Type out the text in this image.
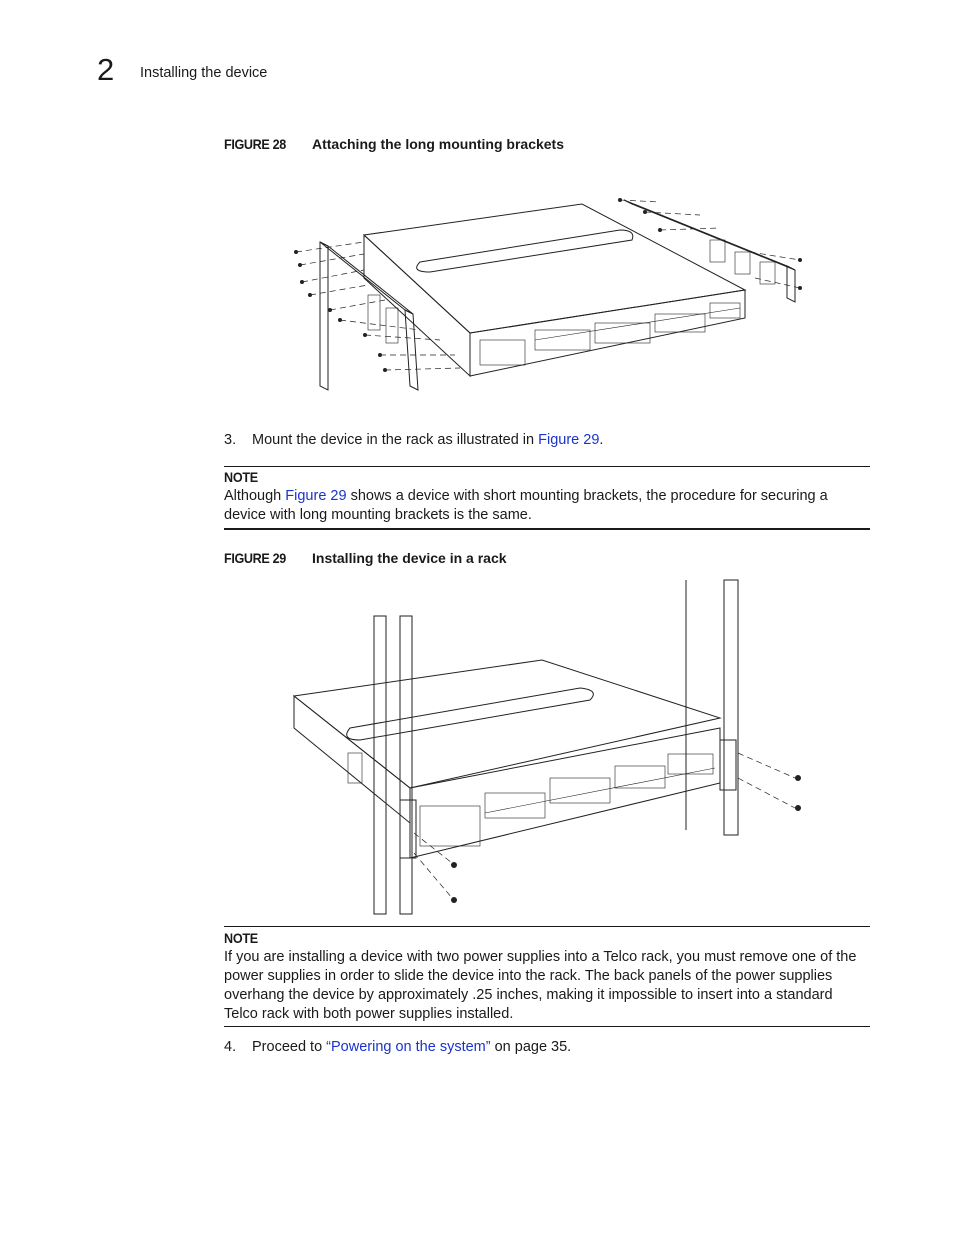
2 Installing the device
FIGURE 28 Attaching the long mounting brackets
3. Mount the device in the rack as illustrated in Figure 29.
NOTE
Although Figure 29 shows a device with short mounting brackets, the procedure for securing a device with long mounting brackets is the same.
FIGURE 29 Installing the device in a rack
NOTE
If you are installing a device with two power supplies into a Telco rack, you must remove one of the power supplies in order to slide the device into the rack. The back panels of the power supplies overhang the device by approximately .25 inches, making it impossible to insert into a standard Telco rack with both power supplies installed.
4. Proceed to “Powering on the system” on page 35.
